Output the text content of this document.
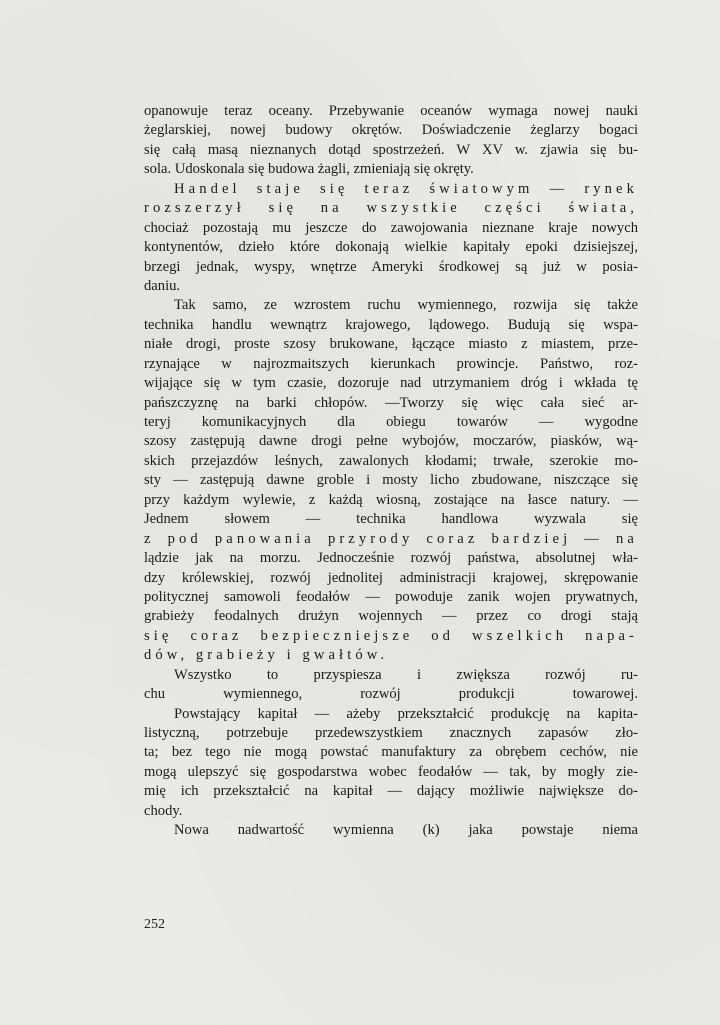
opanowuje teraz oceany. Przebywanie oceanów wymaga nowej nauki
żeglarskiej, nowej budowy okrętów. Doświadczenie żeglarzy bogaci
się całą masą nieznanych dotąd spostrzeżeń. W XV w. zjawia się bu-
sola. Udoskonala się budowa żagli, zmieniają się okręty.
Handel staje się teraz światowym — rynek
rozszerzył się na wszystkie części świata,
chociaż pozostają mu jeszcze do zawojowania nieznane kraje nowych
kontynentów, dzieło które dokonają wielkie kapitały epoki dzisiejszej,
brzegi jednak, wyspy, wnętrze Ameryki środkowej są już w posia-
daniu.
Tak samo, ze wzrostem ruchu wymiennego, rozwija się także
technika handlu wewnątrz krajowego, lądowego. Budują się wspa-
niałe drogi, proste szosy brukowane, łączące miasto z miastem, prze-
rzynające w najrozmaitszych kierunkach prowincje. Państwo, roz-
wijające się w tym czasie, dozoruje nad utrzymaniem dróg i wkłada tę
pańszczyznę na barki chłopów. —Tworzy się więc cała sieć ar-
teryj komunikacyjnych dla obiegu towarów — wygodne
szosy zastępują dawne drogi pełne wybojów, moczarów, piasków, wą-
skich przejazdów leśnych, zawalonych kłodami; trwałe, szerokie mo-
sty — zastępują dawne groble i mosty licho zbudowane, niszczące się
przy każdym wylewie, z każdą wiosną, zostające na łasce natury. —
Jednem słowem — technika handlowa wyzwala się
z pod panowania przyrody coraz bardziej — na
lądzie jak na morzu. Jednocześnie rozwój państwa, absolutnej wła-
dzy królewskiej, rozwój jednolitej administracji krajowej, skrępowanie
politycznej samowoli feodałów — powoduje zanik wojen prywatnych,
grabieży feodalnych drużyn wojennych — przez co drogi stają
się coraz bezpieczniejsze od wszelkich napa-
dów, grabieży i gwałtów.
Wszystko to przyspiesza i zwiększa rozwój ru-
chu wymiennego, rozwój produkcji towarowej.
Powstający kapitał — ażeby przekształcić produkcję na kapita-
listyczną, potrzebuje przedewszystkiem znacznych zapasów zło-
ta; bez tego nie mogą powstać manufaktury za obrębem cechów, nie
mogą ulepszyć się gospodarstwa wobec feodałów — tak, by mogły zie-
mię ich przekształcić na kapitał — dający możliwie największe do-
chody.
Nowa nadwartość wymienna (k) jaka powstaje niema
252
